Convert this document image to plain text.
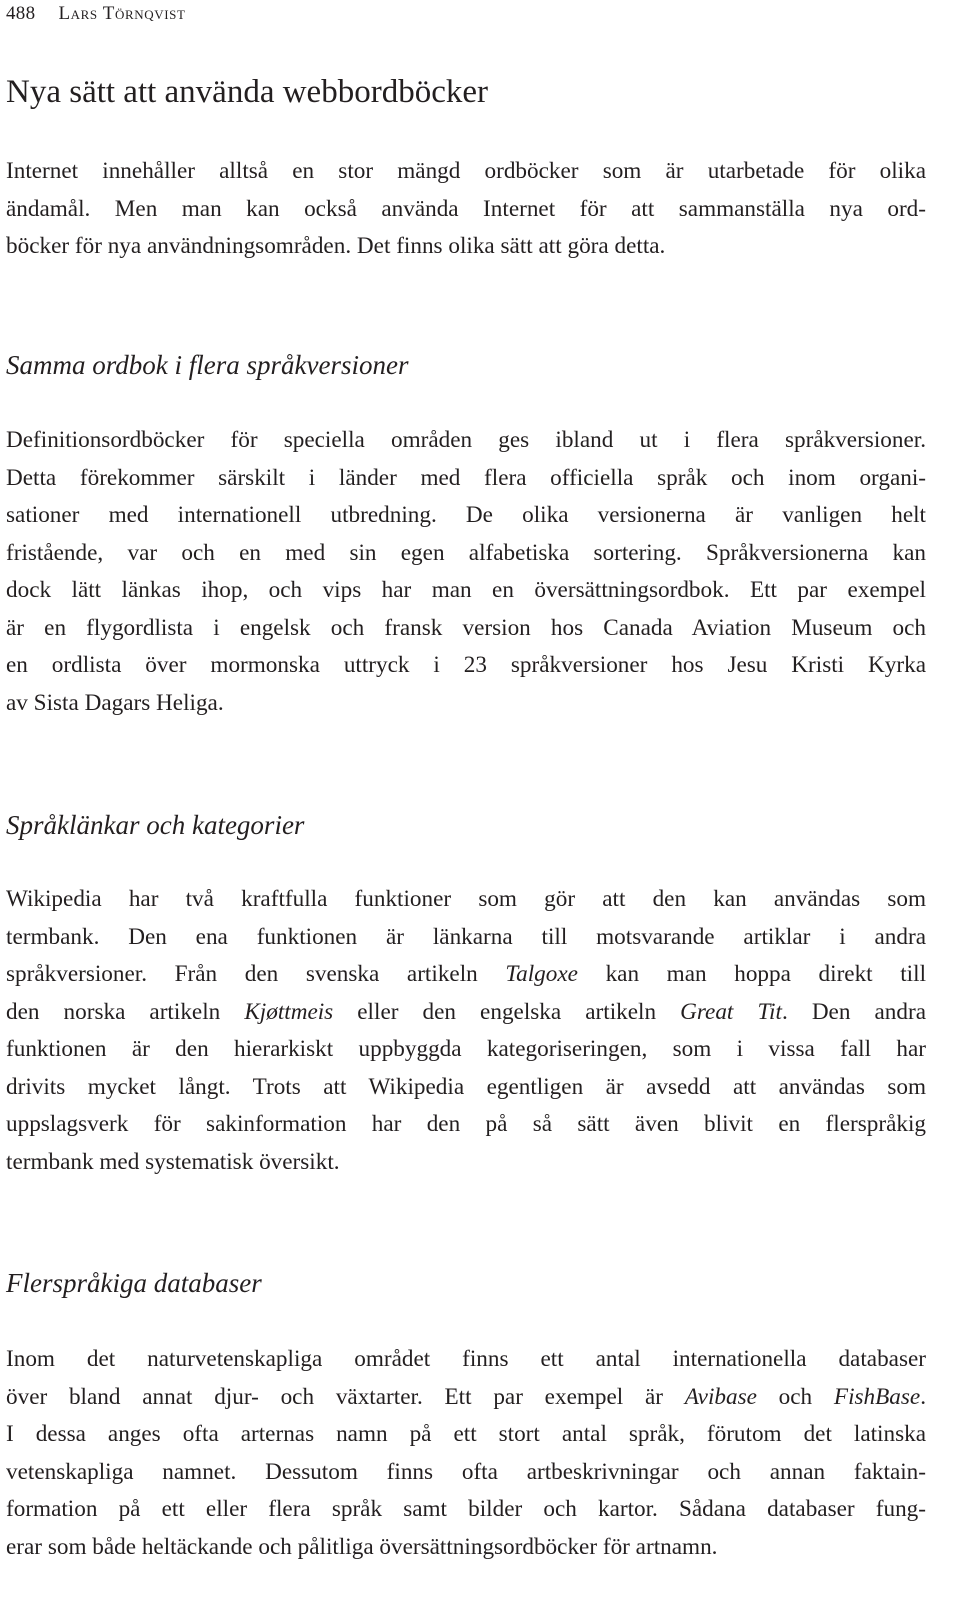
488 Lars Törnqvist
Nya sätt att använda webbordböcker

Internet innehåller alltså en stor mängd ordböcker som är utarbetade för olika
ändamål. Men man kan också använda Internet för att sammanställa nya ord-
böcker för nya användningsområden. Det finns olika sätt att göra detta.

Samma ordbok i flera språkversioner

Definitionsordböcker för speciella områden ges ibland ut i flera språkversioner.
Detta förekommer särskilt i länder med flera officiella språk och inom organi-
sationer med internationell utbredning. De olika versionerna är vanligen helt
fristående, var och en med sin egen alfabetiska sortering. Språkversionerna kan
dock lätt länkas ihop, och vips har man en översättningsordbok. Ett par exempel
är en flygordlista i engelsk och fransk version hos Canada Aviation Museum och
en ordlista över mormonska uttryck i 23 språkversioner hos Jesu Kristi Kyrka
av Sista Dagars Heliga.

Språklänkar och kategorier

Wikipedia har två kraftfulla funktioner som gör att den kan användas som
termbank. Den ena funktionen är länkarna till motsvarande artiklar i andra
språkversioner. Från den svenska artikeln Talgoxe kan man hoppa direkt till
den norska artikeln Kjøttmeis eller den engelska artikeln Great Tit. Den andra
funktionen är den hierarkiskt uppbyggda kategoriseringen, som i vissa fall har
drivits mycket långt. Trots att Wikipedia egentligen är avsedd att användas som
uppslagsverk för sakinformation har den på så sätt även blivit en flerspråkig
termbank med systematisk översikt.

Flerspråkiga databaser

Inom det naturvetenskapliga området finns ett antal internationella databaser
över bland annat djur- och växtarter. Ett par exempel är Avibase och FishBase.
I dessa anges ofta arternas namn på ett stort antal språk, förutom det latinska
vetenskapliga namnet. Dessutom finns ofta artbeskrivningar och annan faktain-
formation på ett eller flera språk samt bilder och kartor. Sådana databaser fung-
erar som både heltäckande och pålitliga översättningsordböcker för artnamn.
